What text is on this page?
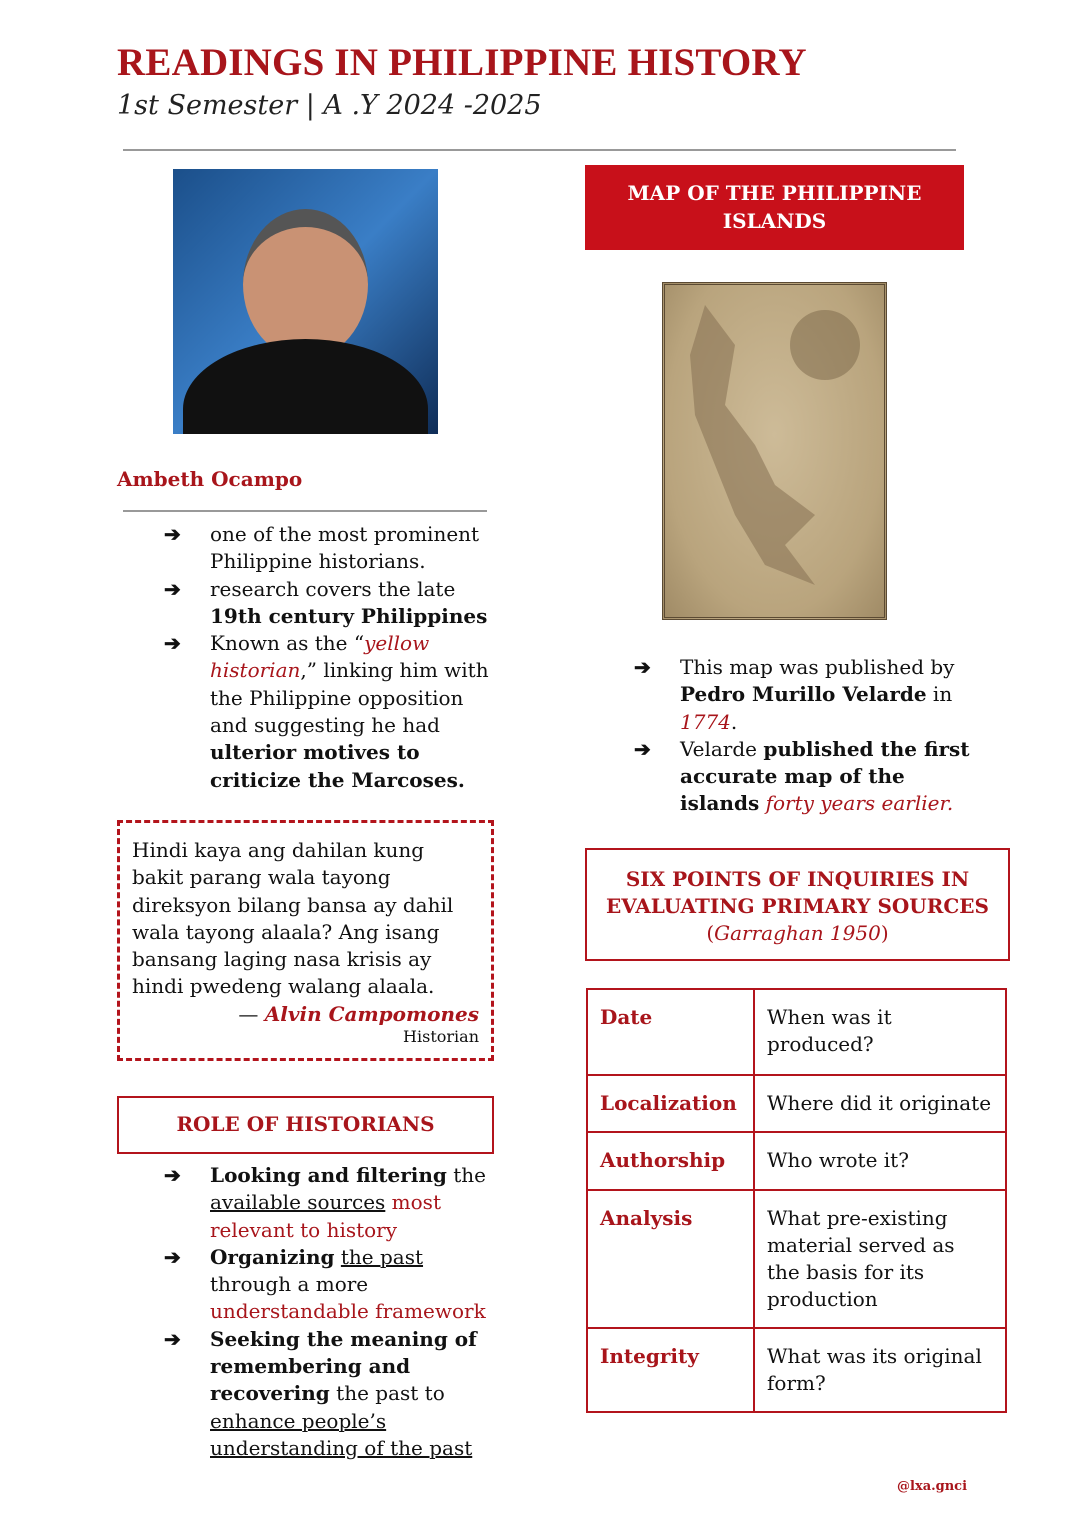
READINGS IN PHILIPPINE HISTORY
1st Semester | A .Y 2024 -2025
Ambeth Ocampo
➔ one of the most prominent Philippine historians.
➔ research covers the late 19th century Philippines
➔ Known as the “yellow historian,” linking him with the Philippine opposition and suggesting he had ulterior motives to criticize the Marcoses.
Hindi kaya ang dahilan kung bakit parang wala tayong direksyon bilang bansa ay dahil wala tayong alaala? Ang isang bansang laging nasa krisis ay hindi pwedeng walang alaala.
— Alvin Campomones
Historian
ROLE OF HISTORIANS
➔ Looking and filtering the available sources most relevant to history
➔ Organizing the past through a more understandable framework
➔ Seeking the meaning of remembering and recovering the past to enhance people’s understanding of the past
MAP OF THE PHILIPPINE ISLANDS
➔ This map was published by Pedro Murillo Velarde in 1774.
➔ Velarde published the first accurate map of the islands forty years earlier.
SIX POINTS OF INQUIRIES IN EVALUATING PRIMARY SOURCES
(Garraghan 1950)
Date	When was it produced?
Localization	Where did it originate
Authorship	Who wrote it?
Analysis	What pre-existing material served as the basis for its production
Integrity	What was its original form?
@lxa.gnci
